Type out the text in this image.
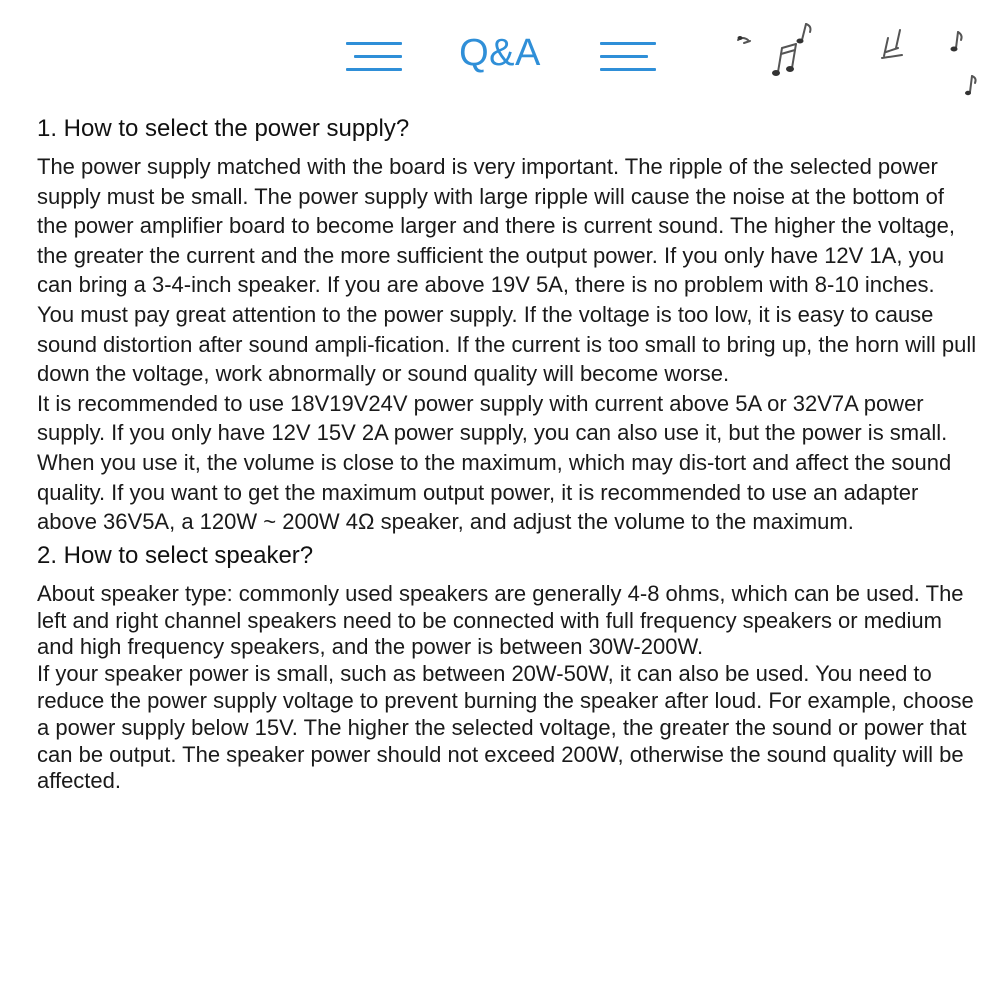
Q&A
1. How to select the power supply?

The power supply matched with the board is very important. The ripple of the selected power supply must be small. The power supply with large ripple will cause the noise at the bottom of the power amplifier board to become larger and there is current sound. The higher the voltage, the greater the current and the more sufficient the output power. If you only have 12V 1A, you can bring a 3-4-inch speaker. If you are above 19V 5A, there is no problem with 8-10 inches. You must pay great attention to the power supply. If the voltage is too low, it is easy to cause sound distortion after sound ampli-fication. If the current is too small to bring up, the horn will pull down the voltage, work abnormally or sound quality will become worse.

It is recommended to use 18V19V24V power supply with current above 5A or 32V7A power supply. If you only have 12V 15V 2A power supply, you can also use it, but the power is small. When you use it, the volume is close to the maximum, which may dis-tort and affect the sound quality. If you want to get the maximum output power, it is recommended to use an adapter above 36V5A, a 120W ~ 200W 4Ω speaker, and adjust the volume to the maximum.

2. How to select speaker?

About speaker type: commonly used speakers are generally 4-8 ohms, which can be used. The left and right channel speakers need to be connected with full frequency speakers or medium and high frequency speakers, and the power is between 30W-200W.

If your speaker power is small, such as between 20W-50W, it can also be used. You need to reduce the power supply voltage to prevent burning the speaker after loud. For example, choose a power supply below 15V. The higher the selected voltage, the greater the sound or power that can be output. The speaker power should not exceed 200W, otherwise the sound quality will be affected.
